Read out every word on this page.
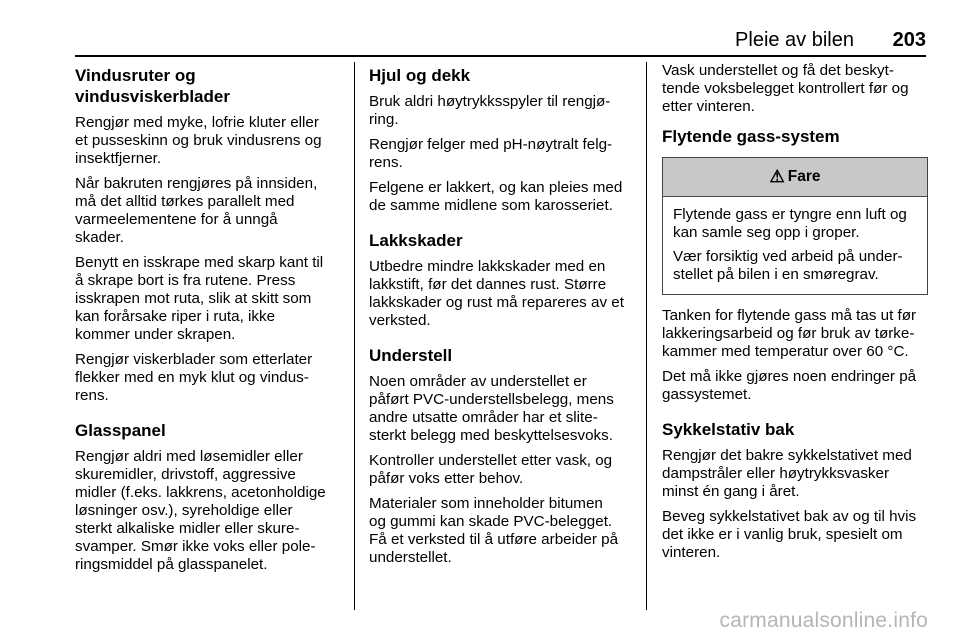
Pleie av bilen 203
Vindusruter og
vindusviskerblader

Rengjør med myke, lofrie kluter eller
et pusseskinn og bruk vindusrens og
insektfjerner.

Når bakruten rengjøres på innsiden,
må det alltid tørkes parallelt med
varmeelementene for å unngå
skader.

Benytt en isskrape med skarp kant til
å skrape bort is fra rutene. Press
isskrapen mot ruta, slik at skitt som
kan forårsake riper i ruta, ikke
kommer under skrapen.

Rengjør viskerblader som etterlater
flekker med en myk klut og vindus-
rens.

Glasspanel

Rengjør aldri med løsemidler eller
skuremidler, drivstoff, aggressive
midler (f.eks. lakkrens, acetonholdige
løsninger osv.), syreholdige eller
sterkt alkaliske midler eller skure-
svamper. Smør ikke voks eller pole-
ringsmiddel på glasspanelet.

Hjul og dekk

Bruk aldri høytrykksspyler til rengjø-
ring.

Rengjør felger med pH-nøytralt felg-
rens.

Felgene er lakkert, og kan pleies med
de samme midlene som karosseriet.

Lakkskader

Utbedre mindre lakkskader med en
lakkstift, før det dannes rust. Større
lakkskader og rust må repareres av et
verksted.

Understell

Noen områder av understellet er
påført PVC-understellsbelegg, mens
andre utsatte områder har et slite-
sterkt belegg med beskyttelsesvoks.

Kontroller understellet etter vask, og
påfør voks etter behov.

Materialer som inneholder bitumen
og gummi kan skade PVC-belegget.
Få et verksted til å utføre arbeider på
understellet.

Vask understellet og få det beskyt-
tende voksbelegget kontrollert før og
etter vinteren.

Flytende gass-system
⚠ Fare

Flytende gass er tyngre enn luft og
kan samle seg opp i groper.

Vær forsiktig ved arbeid på under-
stellet på bilen i en smøregrav.

Tanken for flytende gass må tas ut før
lakkeringsarbeid og før bruk av tørke-
kammer med temperatur over 60 °C.

Det må ikke gjøres noen endringer på
gassystemet.

Sykkelstativ bak

Rengjør det bakre sykkelstativet med
dampstråler eller høytrykksvasker
minst én gang i året.

Beveg sykkelstativet bak av og til hvis
det ikke er i vanlig bruk, spesielt om
vinteren.

carmanualsonline.info
